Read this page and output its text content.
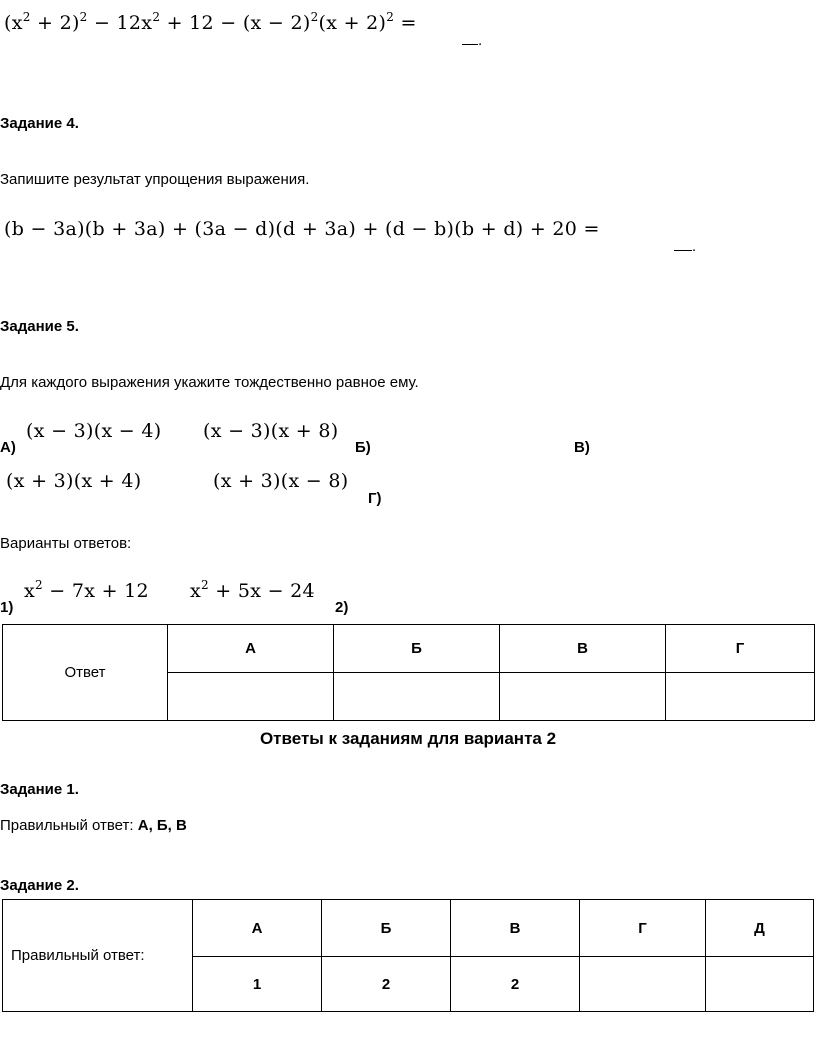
$(x^2 + 2)^2 - 12x^2 + 12 - (x - 2)^2(x + 2)^2$ =
.
Задание 4.
Запишите результат упрощения выражения.
(b − 3a)(b + 3a) + (3a − d)(d + 3a) + (d − b)(b + d) + 20 =
.
Задание 5.
Для каждого выражения укажите тождественно равное ему.
А)
(x − 3)(x − 4) (x − 3)(x + 8)
Б)	В)
(x + 3)(x + 4)	(x + 3)(x − 8)
Г)
Варианты ответов:
$x^2 - 7x + 12$
1)
$x^2 + 5x - 24$
2)
Ответ	А	Б	В	Г

Ответы к заданиям для варианта 2
Задание 1.
Правильный ответ: А, Б, В
Задание 2.
Правильный ответ:	А	Б	В	Г	Д
	1	2	2		
